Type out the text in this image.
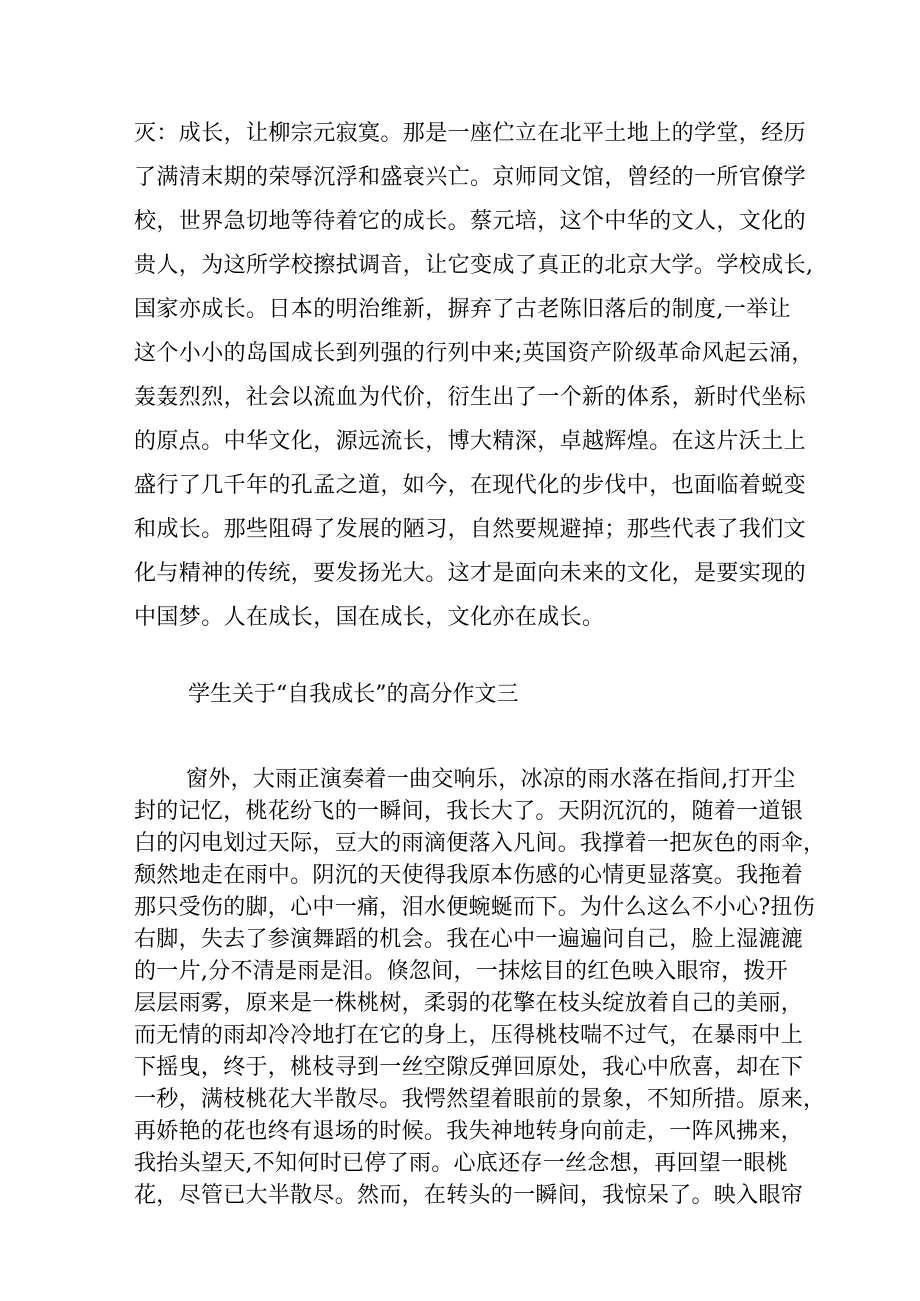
灭：成长，让柳宗元寂寞。那是一座伫立在北平土地上的学堂，经历
了满清末期的荣辱沉浮和盛衰兴亡。京师同文馆，曾经的一所官僚学
校，世界急切地等待着它的成长。蔡元培，这个中华的文人，文化的
贵人，为这所学校擦拭调音，让它变成了真正的北京大学。学校成长,
国家亦成长。日本的明治维新，摒弃了古老陈旧落后的制度,一举让
这个小小的岛国成长到列强的行列中来;英国资产阶级革命风起云涌，
轰轰烈烈，社会以流血为代价，衍生出了一个新的体系，新时代坐标
的原点。中华文化，源远流长，博大精深，卓越辉煌。在这片沃土上
盛行了几千年的孔孟之道，如今，在现代化的步伐中，也面临着蜕变
和成长。那些阻碍了发展的陋习，自然要规避掉；那些代表了我们文
化与精神的传统，要发扬光大。这才是面向未来的文化，是要实现的
中国梦。人在成长，国在成长，文化亦在成长。
学生关于“自我成长”的高分作文三
窗外，大雨正演奏着一曲交响乐，冰凉的雨水落在指间,打开尘
封的记忆，桃花纷飞的一瞬间，我长大了。天阴沉沉的，随着一道银
白的闪电划过天际，豆大的雨滴便落入凡间。我撑着一把灰色的雨伞，
颓然地走在雨中。阴沉的天使得我原本伤感的心情更显落寞。我拖着
那只受伤的脚，心中一痛，泪水便蜿蜒而下。为什么这么不小心?扭伤
右脚，失去了参演舞蹈的机会。我在心中一遍遍问自己，脸上湿漉漉
的一片,分不清是雨是泪。倏忽间，一抹炫目的红色映入眼帘，拨开
层层雨雾，原来是一株桃树，柔弱的花擎在枝头绽放着自己的美丽，
而无情的雨却冷冷地打在它的身上，压得桃枝喘不过气，在暴雨中上
下摇曳，终于，桃枝寻到一丝空隙反弹回原处，我心中欣喜，却在下
一秒，满枝桃花大半散尽。我愕然望着眼前的景象，不知所措。原来，
再娇艳的花也终有退场的时候。我失神地转身向前走，一阵风拂来，
我抬头望天,不知何时已停了雨。心底还存一丝念想，再回望一眼桃
花，尽管已大半散尽。然而，在转头的一瞬间，我惊呆了。映入眼帘
